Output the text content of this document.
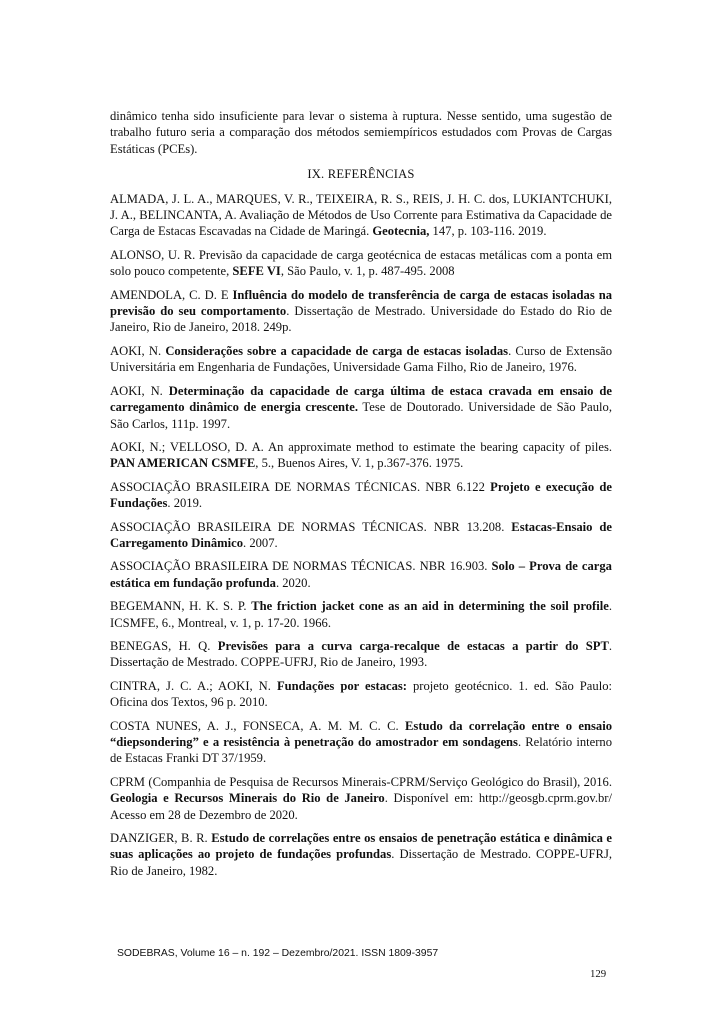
dinâmico tenha sido insuficiente para levar o sistema à ruptura. Nesse sentido, uma sugestão de trabalho futuro seria a comparação dos métodos semiempíricos estudados com Provas de Cargas Estáticas (PCEs).

IX. REFERÊNCIAS

ALMADA, J. L. A., MARQUES, V. R., TEIXEIRA, R. S., REIS, J. H. C. dos, LUKIANTCHUKI, J. A., BELINCANTA, A. Avaliação de Métodos de Uso Corrente para Estimativa da Capacidade de Carga de Estacas Escavadas na Cidade de Maringá. Geotecnia, 147, p. 103-116. 2019.

ALONSO, U. R. Previsão da capacidade de carga geotécnica de estacas metálicas com a ponta em solo pouco competente, SEFE VI, São Paulo, v. 1, p. 487-495. 2008

AMENDOLA, C. D. E Influência do modelo de transferência de carga de estacas isoladas na previsão do seu comportamento. Dissertação de Mestrado. Universidade do Estado do Rio de Janeiro, Rio de Janeiro, 2018. 249p.

AOKI, N. Considerações sobre a capacidade de carga de estacas isoladas. Curso de Extensão Universitária em Engenharia de Fundações, Universidade Gama Filho, Rio de Janeiro, 1976.

AOKI, N. Determinação da capacidade de carga última de estaca cravada em ensaio de carregamento dinâmico de energia crescente. Tese de Doutorado. Universidade de São Paulo, São Carlos, 111p. 1997.

AOKI, N.; VELLOSO, D. A. An approximate method to estimate the bearing capacity of piles. PAN AMERICAN CSMFE, 5., Buenos Aires, V. 1, p.367-376. 1975.

ASSOCIAÇÃO BRASILEIRA DE NORMAS TÉCNICAS. NBR 6.122 Projeto e execução de Fundações. 2019.

ASSOCIAÇÃO BRASILEIRA DE NORMAS TÉCNICAS. NBR 13.208. Estacas-Ensaio de Carregamento Dinâmico. 2007.

ASSOCIAÇÃO BRASILEIRA DE NORMAS TÉCNICAS. NBR 16.903. Solo – Prova de carga estática em fundação profunda. 2020.

BEGEMANN, H. K. S. P. The friction jacket cone as an aid in determining the soil profile. ICSMFE, 6., Montreal, v. 1, p. 17-20. 1966.

BENEGAS, H. Q. Previsões para a curva carga-recalque de estacas a partir do SPT. Dissertação de Mestrado. COPPE-UFRJ, Rio de Janeiro, 1993.

CINTRA, J. C. A.; AOKI, N. Fundações por estacas: projeto geotécnico. 1. ed. São Paulo: Oficina dos Textos, 96 p. 2010.

COSTA NUNES, A. J., FONSECA, A. M. M. C. C. Estudo da correlação entre o ensaio “diepsondering” e a resistência à penetração do amostrador em sondagens. Relatório interno de Estacas Franki DT 37/1959.

CPRM (Companhia de Pesquisa de Recursos Minerais-CPRM/Serviço Geológico do Brasil), 2016. Geologia e Recursos Minerais do Rio de Janeiro. Disponível em: http://geosgb.cprm.gov.br/ Acesso em 28 de Dezembro de 2020.

DANZIGER, B. R. Estudo de correlações entre os ensaios de penetração estática e dinâmica e suas aplicações ao projeto de fundações profundas. Dissertação de Mestrado. COPPE-UFRJ, Rio de Janeiro, 1982.

SODEBRAS, Volume 16 – n. 192 – Dezembro/2021. ISSN 1809-3957
129
